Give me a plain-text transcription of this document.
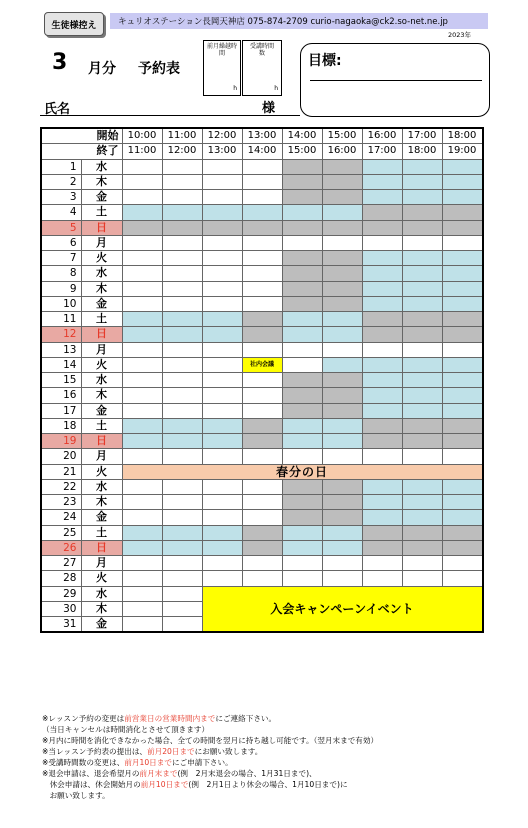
生徒様控え	キュリオステーション長岡天神店 075-874-2709 curio-nagaoka@ck2.so-net.ne.jp
2023年
3 月分 予約表
前月繰越時
間
h
受講時間
数
h
目標:
氏名	様
開始		10:00	11:00	12:00	13:00	14:00	15:00	16:00	17:00	18:00
終了		11:00	12:00	13:00	14:00	15:00	16:00	17:00	18:00	19:00
1	水									
2	木									
3	金									
4	土									
5	日									
6	月									
7	火									
8	水									
9	木									
10	金									
11	土									
12	日									
13	月									
14	火				社内会議					
15	水									
16	木									
17	金									
18	土									
19	日									
20	月									
21	火	春分の日								
22	水									
23	木									
24	金									
25	土									
26	日									
27	月									
28	火									
29	水			入会キャンペーンイベント						
30	木									
31	金									

※レッスン予約の変更は前営業日の営業時間内までにご連絡下さい。

（当日キャンセルは時間消化とさせて頂きます）

※月内に時間を消化できなかった場合、全ての時間を翌月に持ち越し可能です。（翌月末まで有効）

※当レッスン予約表の提出は、前月20日までにお願い致します。

※受講時間数の変更は、前月10日までにご申請下さい。

※退会申請は、退会希望月の前月末まで(例　2月末退会の場合、1月31日まで)、

　休会申請は、休会開始月の前月10日まで(例　2月1日より休会の場合、1月10日まで)に

　お願い致します。
